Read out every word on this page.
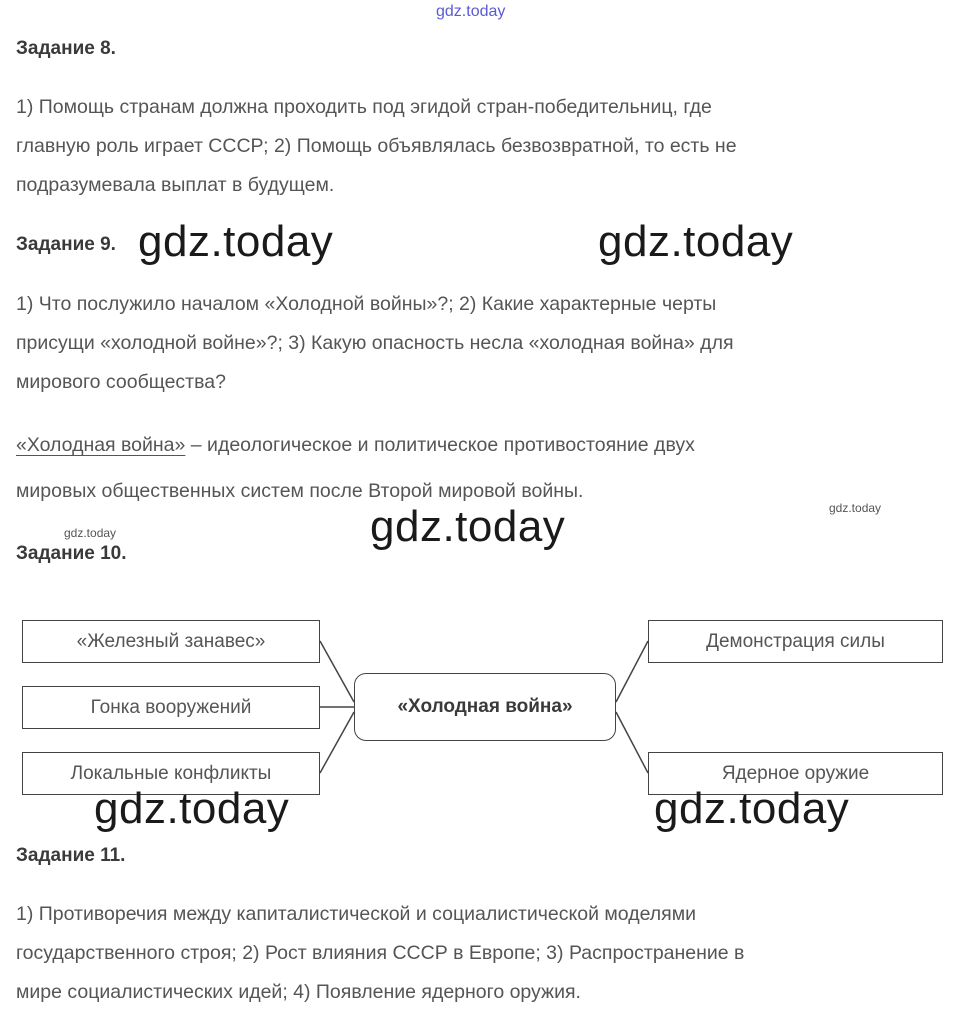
gdz.today
Задание 8.
1) Помощь странам должна проходить под эгидой стран-победительниц, где
главную роль играет СССР; 2) Помощь объявлялась безвозвратной, то есть не
подразумевала выплат в будущем.
Задание 9. gdz.today	gdz.today
1) Что послужило началом «Холодной войны»?; 2) Какие характерные черты
присущи «холодной войне»?; 3) Какую опасность несла «холодная война» для
мирового сообщества?
«Холодная война» – идеологическое и политическое противостояние двух
мировых общественных систем после Второй мировой войны.
gdz.today
gdz.today
gdz.today
Задание 10.
«Железный занавес»
Гонка вооружений
Локальные конфликты
«Холодная война»
Демонстрация силы
Ядерное оружие
gdz.today	gdz.today
Задание 11.
1) Противоречия между капиталистической и социалистической моделями
государственного строя; 2) Рост влияния СССР в Европе; 3) Распространение в
мире социалистических идей; 4) Появление ядерного оружия.
